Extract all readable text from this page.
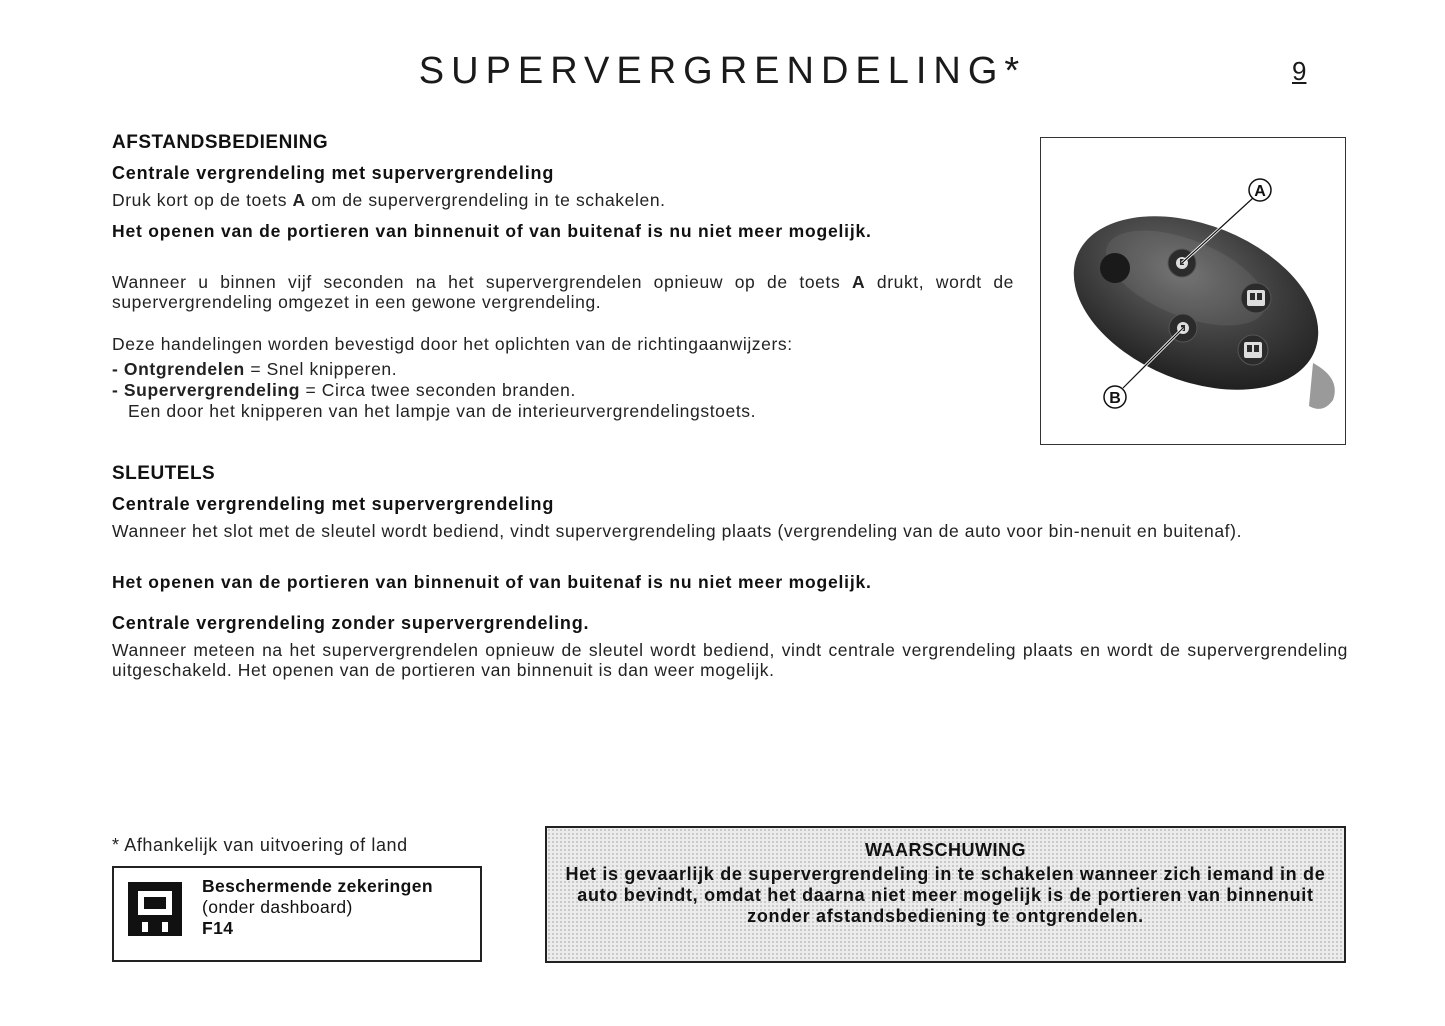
SUPERVERGRENDELING*	9
AFSTANDSBEDIENING
Centrale vergrendeling met supervergrendeling
Druk kort op de toets A om de supervergrendeling in te schakelen.
Het openen van de portieren van binnenuit of van buitenaf is nu niet meer mogelijk.
Wanneer u binnen vijf seconden na het supervergrendelen opnieuw op de toets A drukt, wordt de supervergrendeling omgezet in een gewone vergrendeling.
Deze handelingen worden bevestigd door het oplichten van de richtingaanwijzers:
- Ontgrendelen = Snel knipperen.
- Supervergrendeling = Circa twee seconden branden.
Een door het knipperen van het lampje van de interieurvergrendelingstoets.
A
B
SLEUTELS
Centrale vergrendeling met supervergrendeling
Wanneer het slot met de sleutel wordt bediend, vindt supervergrendeling plaats (vergrendeling van de auto voor bin-nenuit en buitenaf).
Het openen van de portieren van binnenuit of van buitenaf is nu niet meer mogelijk.
Centrale vergrendeling zonder supervergrendeling.
Wanneer meteen na het supervergrendelen opnieuw de sleutel wordt bediend, vindt centrale vergrendeling plaats en wordt de supervergrendeling uitgeschakeld. Het openen van de portieren van binnenuit is dan weer mogelijk.
* Afhankelijk van uitvoering of land
Beschermende zekeringen
(onder dashboard)
F14
WAARSCHUWING
Het is gevaarlijk de supervergrendeling in te schakelen wanneer zich iemand in de auto bevindt, omdat het daarna niet meer mogelijk is de portieren van binnenuit zonder afstandsbediening te ontgrendelen.
